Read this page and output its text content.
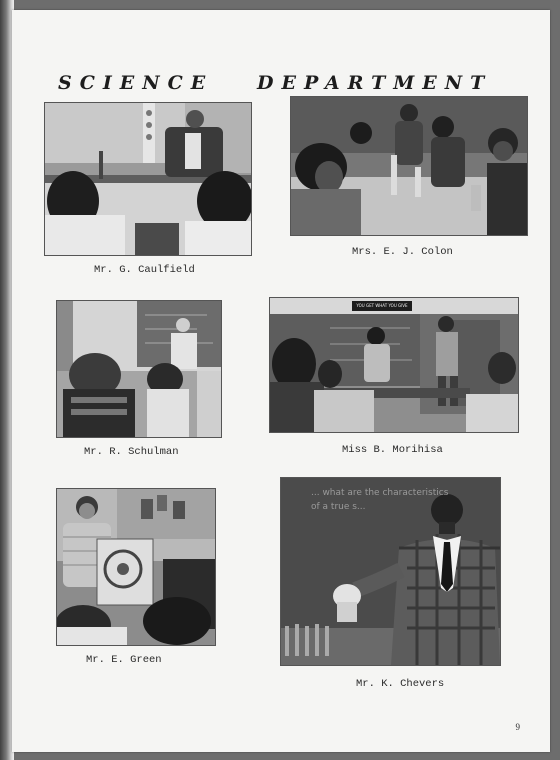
SCIENCE   DEPARTMENT
Mr. G. Caulfield
Mrs. E. J. Colon
Mr. R. Schulman
YOU GET WHAT YOU GIVE
Miss B. Morihisa
Mr. E. Green
... what are the characteristics of a true s...
Mr. K. Chevers
9
